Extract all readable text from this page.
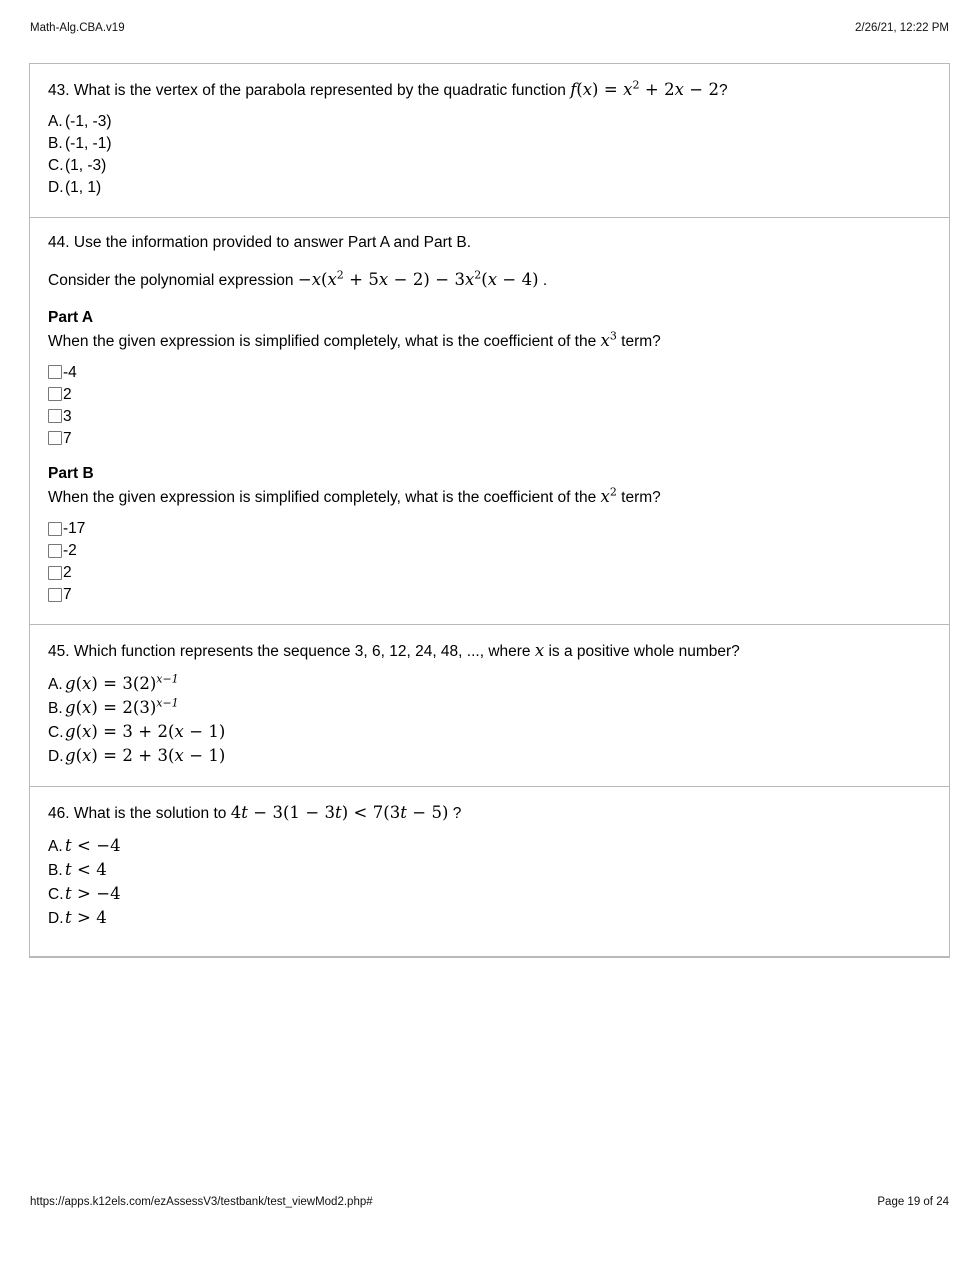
Math-Alg.CBA.v19	2/26/21, 12:22 PM

43. What is the vertex of the parabola represented by the quadratic function $f(x) = x^2 + 2x - 2$?

A. (-1, -3)
B. (-1, -1)
C.(1, -3)
D.(1, 1)

44. Use the information provided to answer Part A and Part B.

Consider the polynomial expression $-x(x^2 + 5x - 2) - 3x^2(x - 4)$ .

Part A

When the given expression is simplified completely, what is the coefficient of the $x^3$ term?

-4
2
3
7
Part B

When the given expression is simplified completely, what is the coefficient of the $x^2$ term?

-17
-2
2
7

45. Which function represents the sequence 3, 6, 12, 24, 48, ..., where x is a positive whole number?

A. $g(x) = 3(2)^{x-1}$
B. $g(x) = 2(3)^{x-1}$
C.g(x) = 3 + 2(x − 1)
D.g(x) = 2 + 3(x − 1)

46. What is the solution to 4t − 3(1 − 3t) < 7(3t − 5) ?

A. t < −4
B. t < 4
C.t > −4
D.t > 4
https://apps.k12els.com/ezAssessV3/testbank/test_viewMod2.php#	Page 19 of 24
